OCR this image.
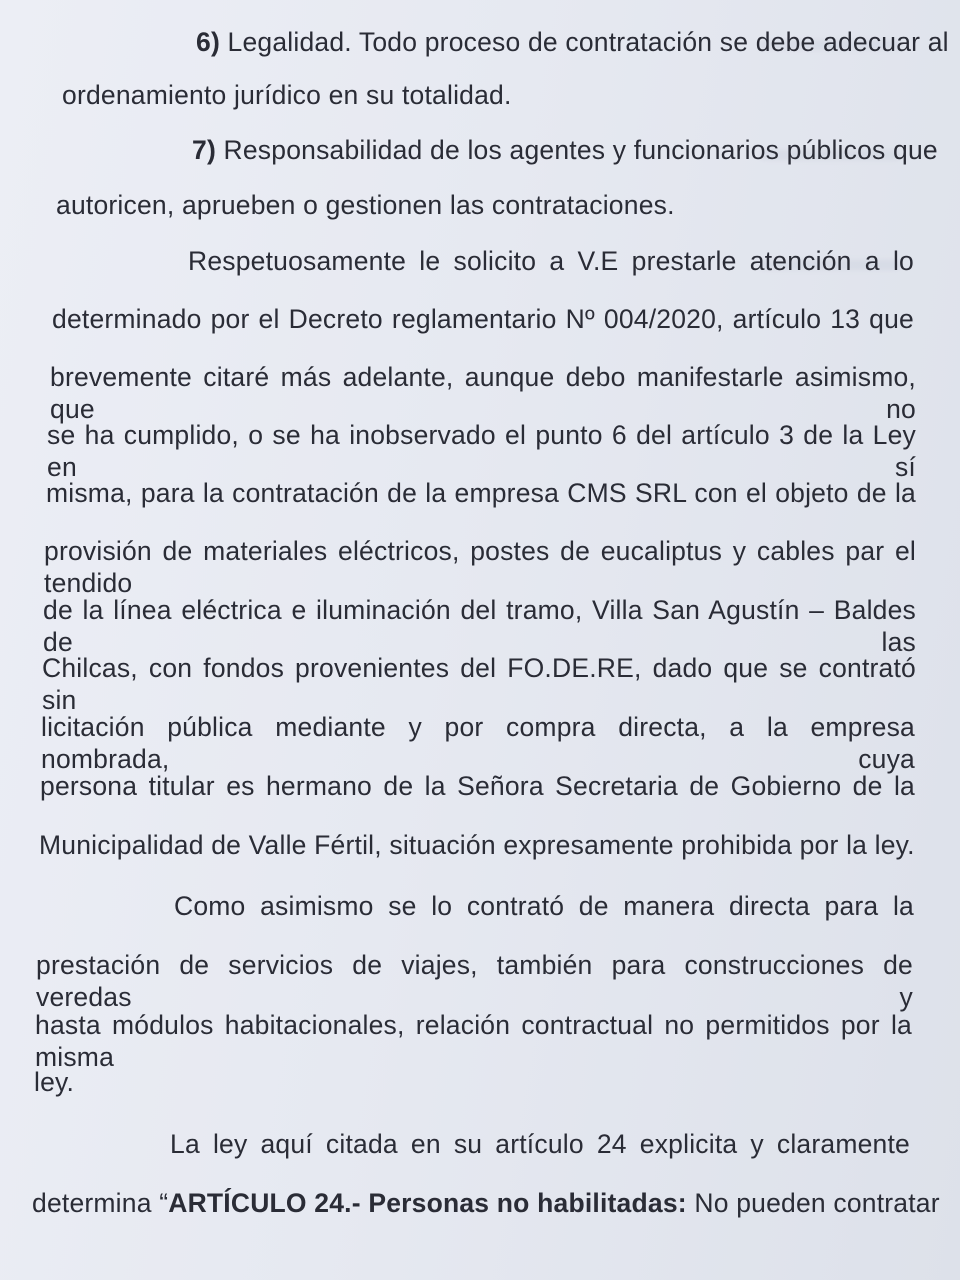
6) Legalidad. Todo proceso de contratación se debe adecuar al

ordenamiento jurídico en su totalidad.

7) Responsabilidad de los agentes y funcionarios públicos que

autoricen, aprueben o gestionen las contrataciones.

Respetuosamente le solicito a V.E prestarle atención a lo

determinado por el Decreto reglamentario Nº 004/2020, artículo 13 que

brevemente citaré más adelante, aunque debo manifestarle asimismo, que no

se ha cumplido, o se ha inobservado el punto 6 del artículo 3 de la Ley en sí

misma, para la contratación de la empresa CMS SRL con el objeto de la

provisión de materiales eléctricos, postes de eucaliptus y cables par el tendido

de la línea eléctrica e iluminación del tramo, Villa San Agustín – Baldes de las

Chilcas, con fondos provenientes del FO.DE.RE, dado que se contrató sin

licitación pública mediante y por compra directa, a la empresa nombrada, cuya

persona titular es hermano de la Señora Secretaria de Gobierno de la

Municipalidad de Valle Fértil, situación expresamente prohibida por la ley.

Como asimismo se lo contrató de manera directa para la

prestación de servicios de viajes, también para construcciones de veredas y

hasta módulos habitacionales, relación contractual no permitidos por la misma

ley.

La ley aquí citada en su artículo 24 explicita y claramente

determina “ARTÍCULO 24.- Personas no habilitadas: No pueden contratar
